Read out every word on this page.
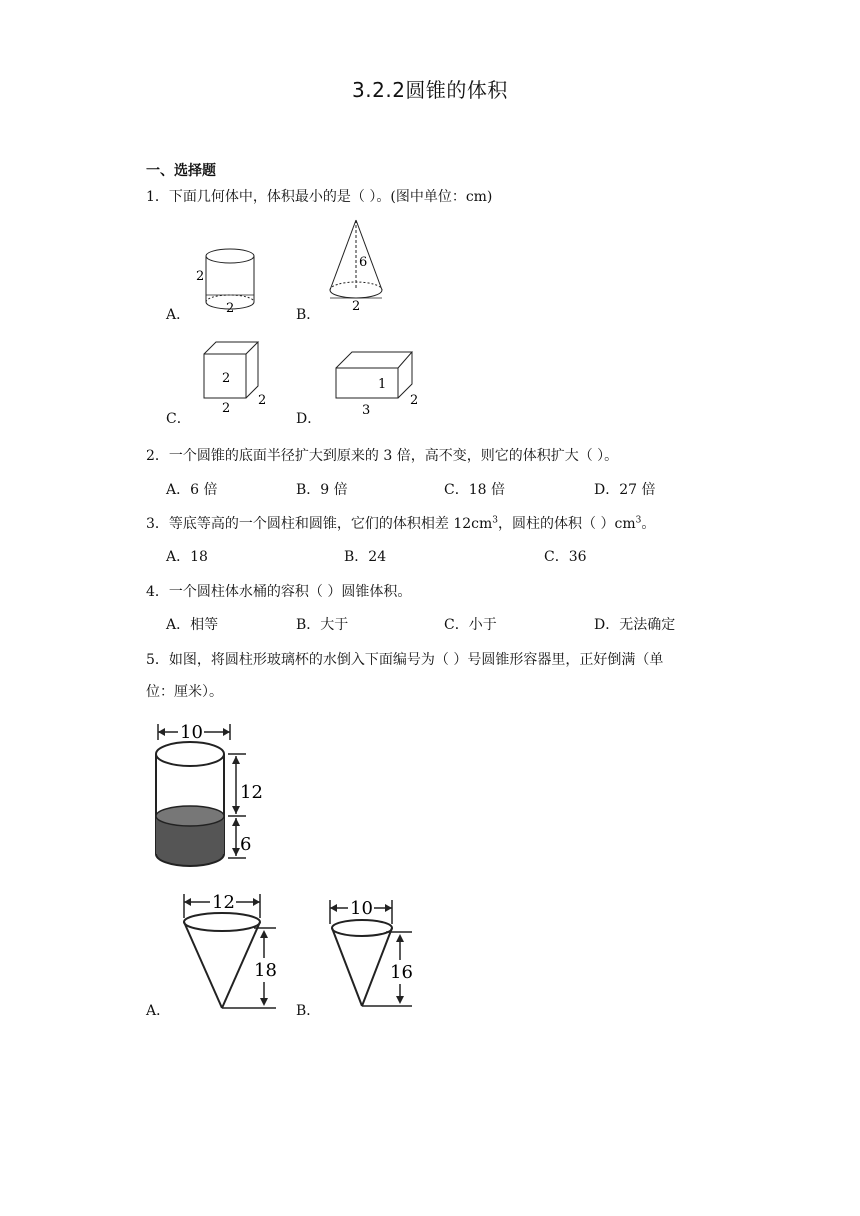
3.2.2圆锥的体积
一、选择题
1．下面几何体中，体积最小的是（ ）。(图中单位：cm)
2
2
6
2
A．	B．
2
2
2
1
3
2
C．	D．
2．一个圆锥的底面半径扩大到原来的 3 倍，高不变，则它的体积扩大（ ）。
A．6 倍	B．9 倍	C．18 倍	D．27 倍
3．等底等高的一个圆柱和圆锥，它们的体积相差 $12cm^3$，圆柱的体积（ ）$cm^3$。
A．18	B．24	C．36
4．一个圆柱体水桶的容积（ ）圆锥体积。
A．相等	B．大于	C．小于	D．无法确定
5．如图，将圆柱形玻璃杯的水倒入下面编号为（ ）号圆锥形容器里，正好倒满（单
位：厘米）。
10
12
6
12
18
10
16
A．	B．
